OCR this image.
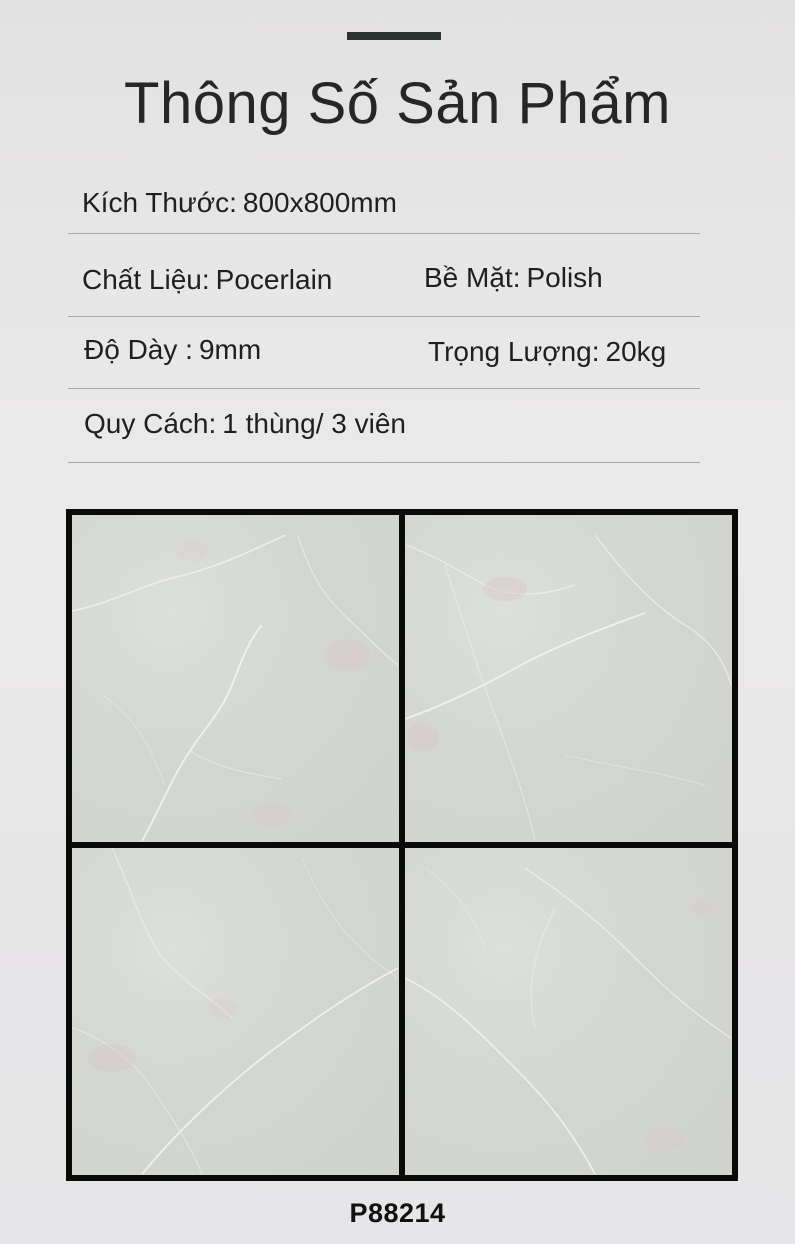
Thông Số Sản Phẩm
Kích Thước: 800x800mm
Chất Liệu: Pocerlain	Bề Mặt: Polish
Độ Dày : 9mm	Trọng Lượng: 20kg
Quy Cách: 1 thùng/ 3 viên
P88214
